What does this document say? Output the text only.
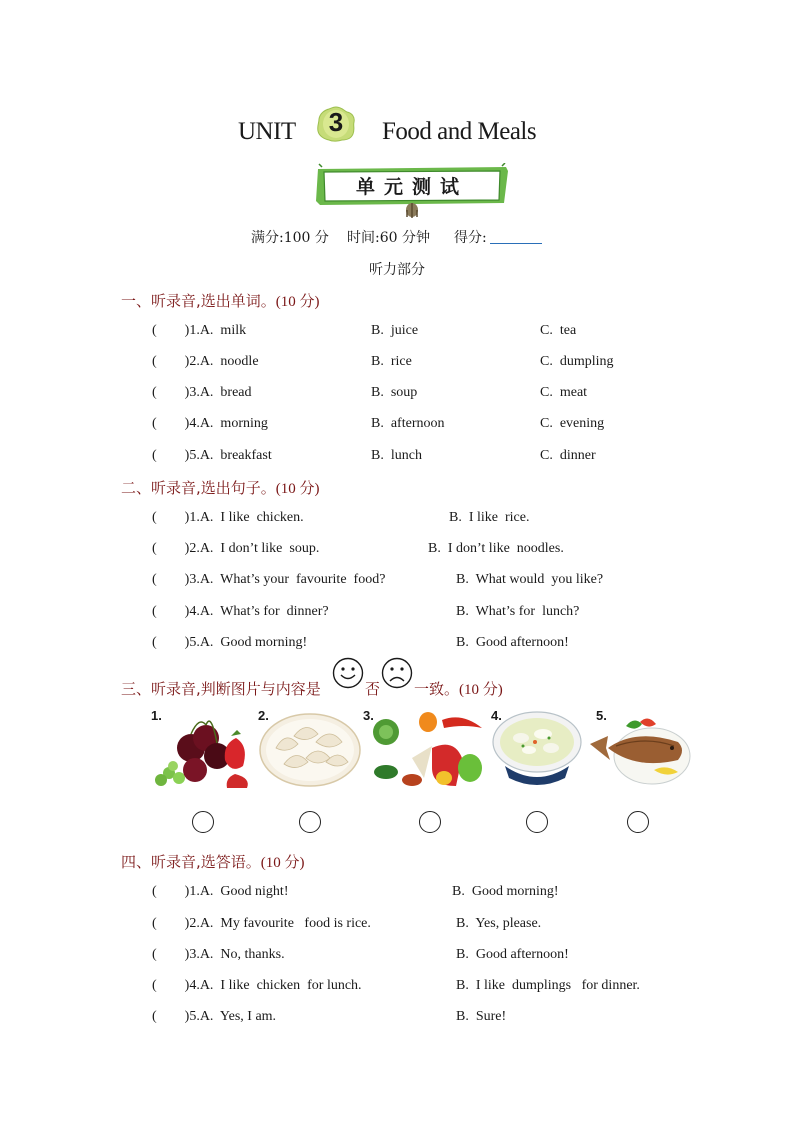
UNIT	3	Food and Meals
单元测试
满分:100 分 时间:60 分钟 得分:
听力部分
一、听录音,选出单词。(10 分)
(        )1.A.  milk	B.  juice	C.  tea
(        )2.A.  noodle	B.  rice	C.  dumpling
(        )3.A.  bread	B.  soup	C.  meat
(        )4.A.  morning	B.  afternoon	C.  evening
(        )5.A.  breakfast	B.  lunch	C.  dinner
二、听录音,选出句子。(10 分)
(        )1.A.  I like  chicken.	B.  I like  rice.
(        )2.A.  I don’t like  soup.	B.  I don’t like  noodles.
(        )3.A.  What’s your  favourite  food?	B.  What would  you like?
(        )4.A.  What’s for  dinner?	B.  What’s for  lunch?
(        )5.A.  Good morning!	B.  Good afternoon!
三、听录音,判断图片与内容是	否 一致。(10 分)
1.	2.	3.	4.	5.
四、听录音,选答语。(10 分)
(        )1.A.  Good night!	B.  Good morning!
(        )2.A.  My favourite   food is rice.	B.  Yes, please.
(        )3.A.  No, thanks.	B.  Good afternoon!
(        )4.A.  I like  chicken  for lunch.	B.  I like  dumplings   for dinner.
(        )5.A.  Yes, I am.	B.  Sure!
